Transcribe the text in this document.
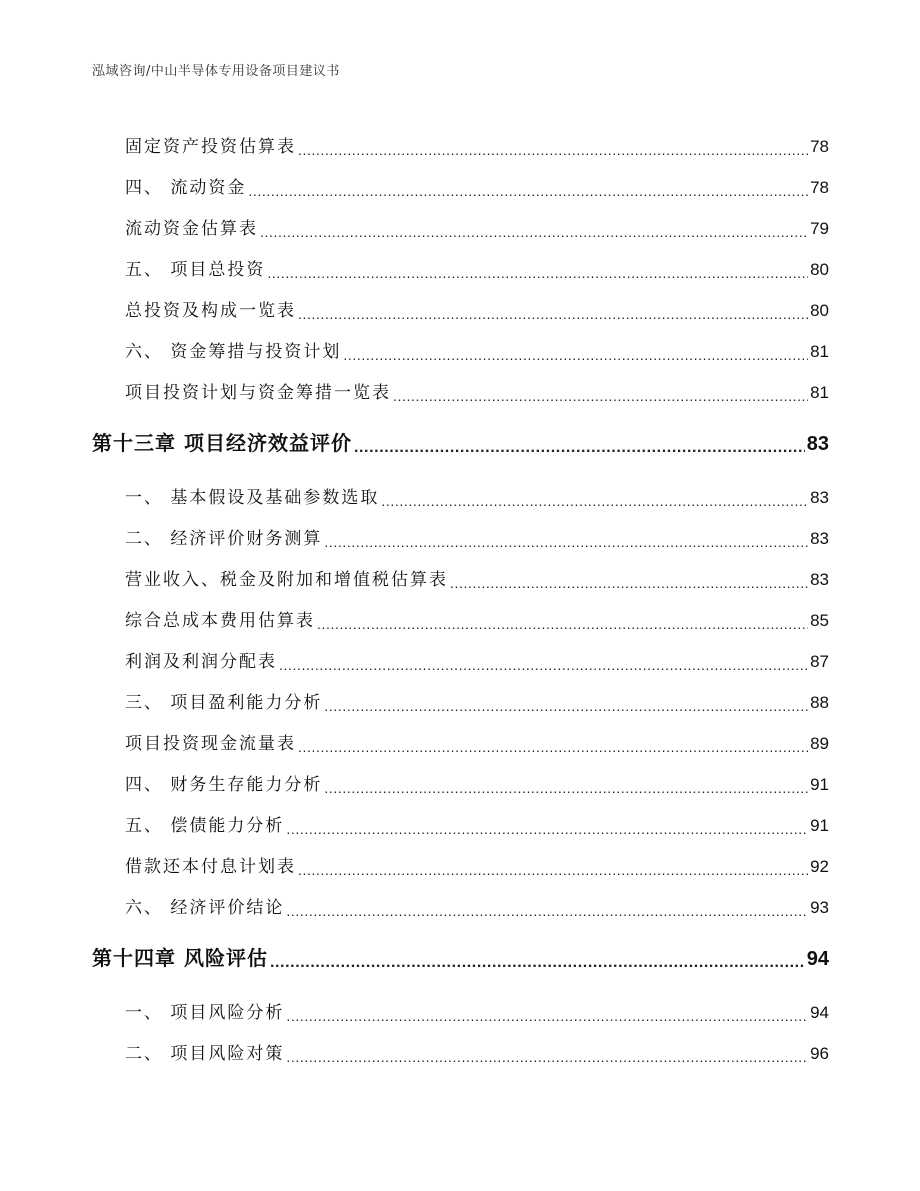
泓域咨询/中山半导体专用设备项目建议书
固定资产投资估算表 .....	78
四、 流动资金 .....	78
流动资金估算表 .....	79
五、 项目总投资 .....	80
总投资及构成一览表 .....	80
六、 资金筹措与投资计划 .....	81
项目投资计划与资金筹措一览表 .....	81
第十三章 项目经济效益评价 .....	83
一、 基本假设及基础参数选取 .....	83
二、 经济评价财务测算 .....	83
营业收入、税金及附加和增值税估算表 .....	83
综合总成本费用估算表 .....	85
利润及利润分配表 .....	87
三、 项目盈利能力分析 .....	88
项目投资现金流量表 .....	89
四、 财务生存能力分析 .....	91
五、 偿债能力分析 .....	91
借款还本付息计划表 .....	92
六、 经济评价结论 .....	93
第十四章 风险评估 .....	94
一、 项目风险分析 .....	94
二、 项目风险对策 .....	96
